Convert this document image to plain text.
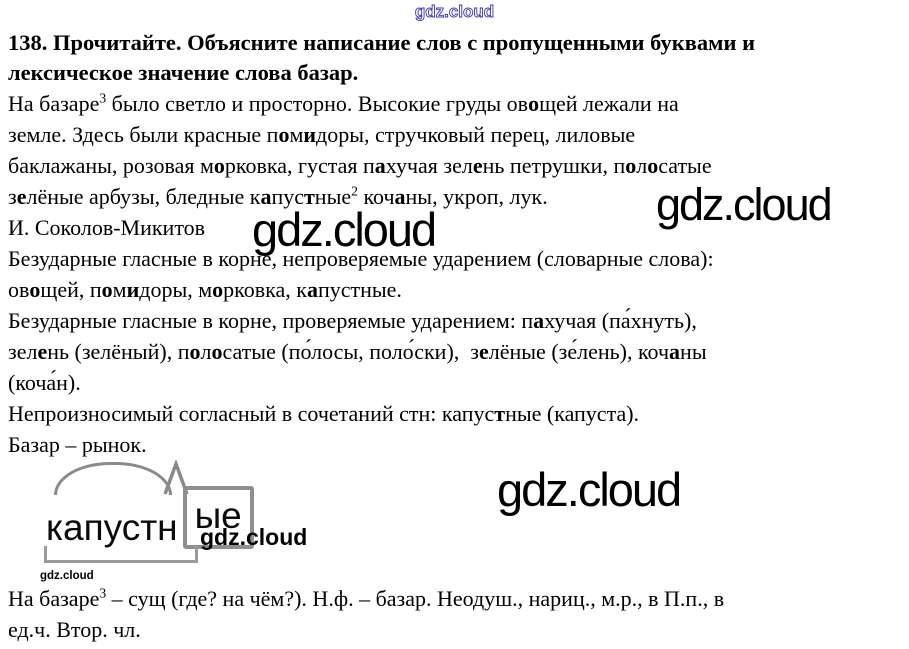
gdz.cloud
138. Прочитайте. Объясните написание слов с пропущенными буквами и
лексическое значение слова базар.
На базаре$^3$ было светло и просторно. Высокие груды овощей лежали на
земле. Здесь были красные помидоры, стручковый перец, лиловые
баклажаны, розовая морковка, густая пахучая зелень петрушки, полосатые
зелёные арбузы, бледные капустные$^2$ кочаны, укроп, лук.
И. Соколов-Микитов
Безударные гласные в корне, непроверяемые ударением (словарные слова):
овощей, помидоры, морковка, капустные.
Безударные гласные в корне, проверяемые ударением: пахучая (па́хнуть),
зелень (зелёный), полосатые (по́лосы, поло́ски),  зелёные (зе́лень), кочаны
(коча́н).
Непроизносимый согласный в сочетаний стн: капустные (капуста).
Базар – рынок.
капустн ые
gdz.cloud
gdz.cloud
На базаре$^3$ – сущ (где? на чём?). Н.ф. – базар. Неодуш., нариц., м.р., в П.п., в
ед.ч. Втор. чл.
gdz.cloud
gdz.cloud
gdz.cloud
